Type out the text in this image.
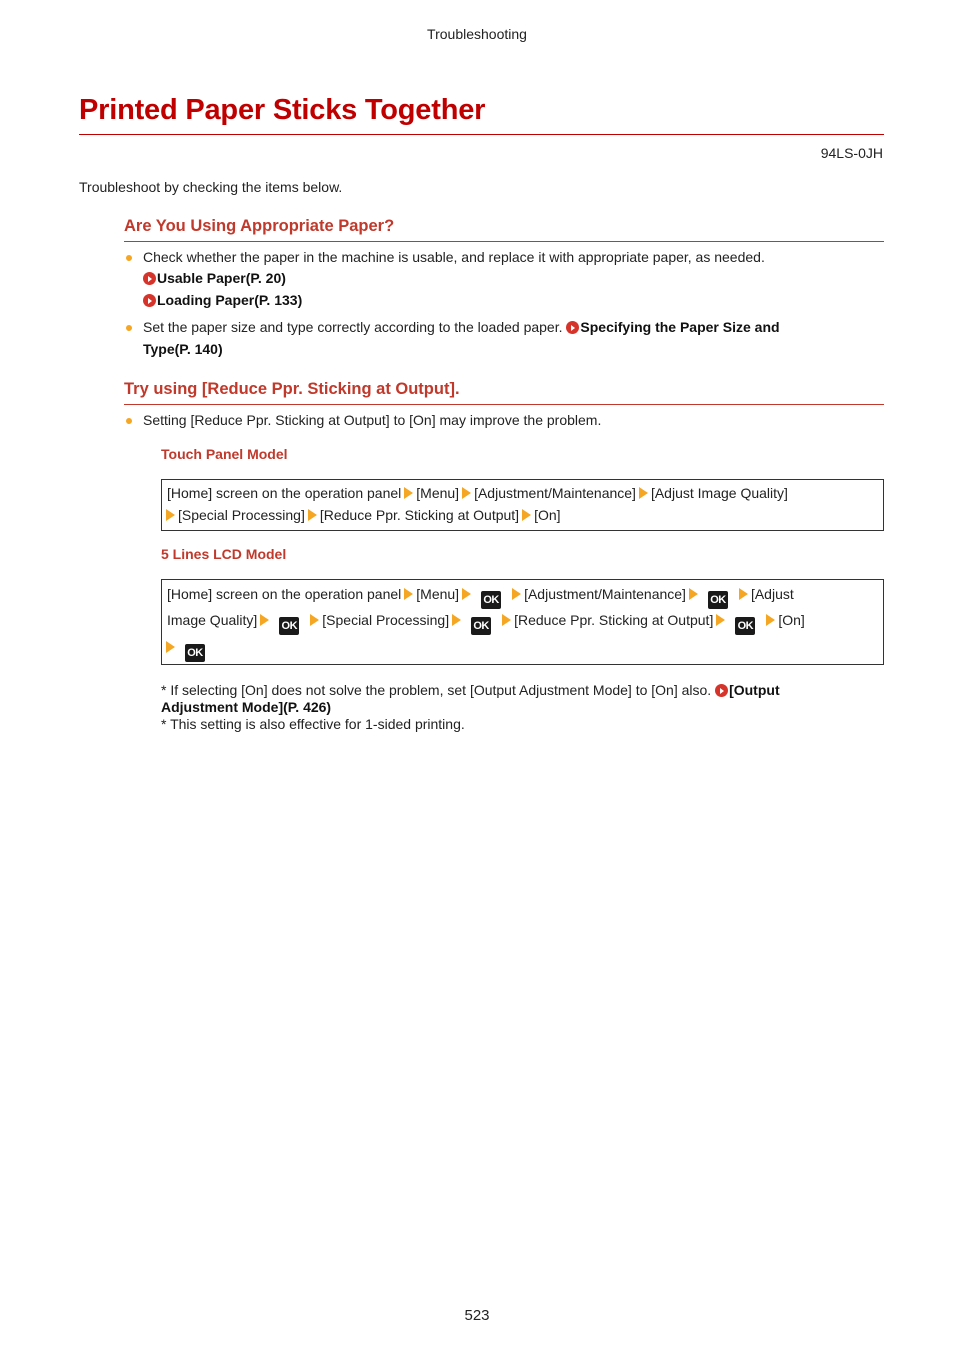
Troubleshooting
Printed Paper Sticks Together
94LS-0JH
Troubleshoot by checking the items below.
Are You Using Appropriate Paper?
Check whether the paper in the machine is usable, and replace it with appropriate paper, as needed.
Usable Paper(P. 20)
Loading Paper(P. 133)
Set the paper size and type correctly according to the loaded paper. Specifying the Paper Size and
Type(P. 140)
Try using [Reduce Ppr. Sticking at Output].
Setting [Reduce Ppr. Sticking at Output] to [On] may improve the problem.
Touch Panel Model
[Home] screen on the operation panel [Menu] [Adjustment/Maintenance] [Adjust Image Quality]
[Special Processing] [Reduce Ppr. Sticking at Output] [On]
5 Lines LCD Model
[Home] screen on the operation panel [Menu] OK [Adjustment/Maintenance] OK [Adjust
Image Quality] OK [Special Processing] OK [Reduce Ppr. Sticking at Output] OK [On]
OK
* If selecting [On] does not solve the problem, set [Output Adjustment Mode] to [On] also. [Output
Adjustment Mode](P. 426)
* This setting is also effective for 1-sided printing.
523
